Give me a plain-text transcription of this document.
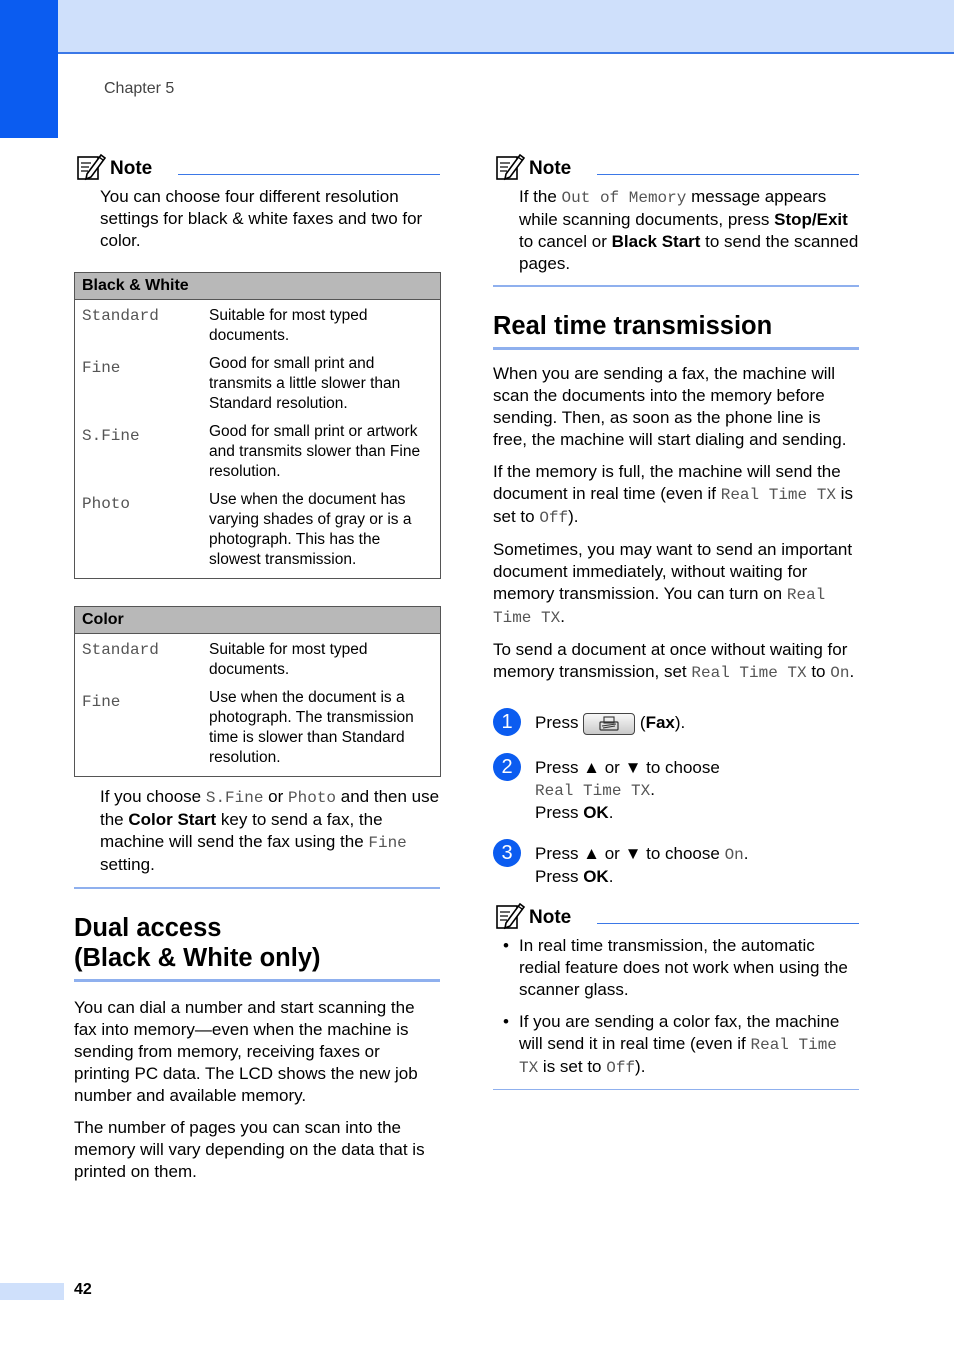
Chapter 5
Note
You can choose four different resolution settings for black & white faxes and two for color.
Black & White	
Standard	Suitable for most typed documents.
Fine	Good for small print and transmits a little slower than Standard resolution.
S.Fine	Good for small print or artwork and transmits slower than Fine resolution.
Photo	Use when the document has varying shades of gray or is a photograph. This has the slowest transmission.
Color	
Standard	Suitable for most typed documents.
Fine	Use when the document is a photograph. The transmission time is slower than Standard resolution.
If you choose S.Fine or Photo and then use the Color Start key to send a fax, the machine will send the fax using the Fine setting.
Dual access
(Black & White only)

You can dial a number and start scanning the fax into memory—even when the machine is sending from memory, receiving faxes or printing PC data. The LCD shows the new job number and available memory.

The number of pages you can scan into the memory will vary depending on the data that is printed on them.

Note
If the Out of Memory message appears while scanning documents, press Stop/Exit to cancel or Black Start to send the scanned pages.
Real time transmission

When you are sending a fax, the machine will scan the documents into the memory before sending. Then, as soon as the phone line is free, the machine will start dialing and sending.

If the memory is full, the machine will send the document in real time (even if Real Time TX is set to Off).

Sometimes, you may want to send an important document immediately, without waiting for memory transmission. You can turn on Real Time TX.

To send a document at once without waiting for memory transmission, set Real Time TX to On.

1	Press	(Fax).
2	Press ▲ or ▼ to choose
Real Time TX.
Press OK.
3	Press ▲ or ▼ to choose On.
Press OK.
Note
• In real time transmission, the automatic redial feature does not work when using the scanner glass.
• If you are sending a color fax, the machine will send it in real time (even if Real Time TX is set to Off).
42
